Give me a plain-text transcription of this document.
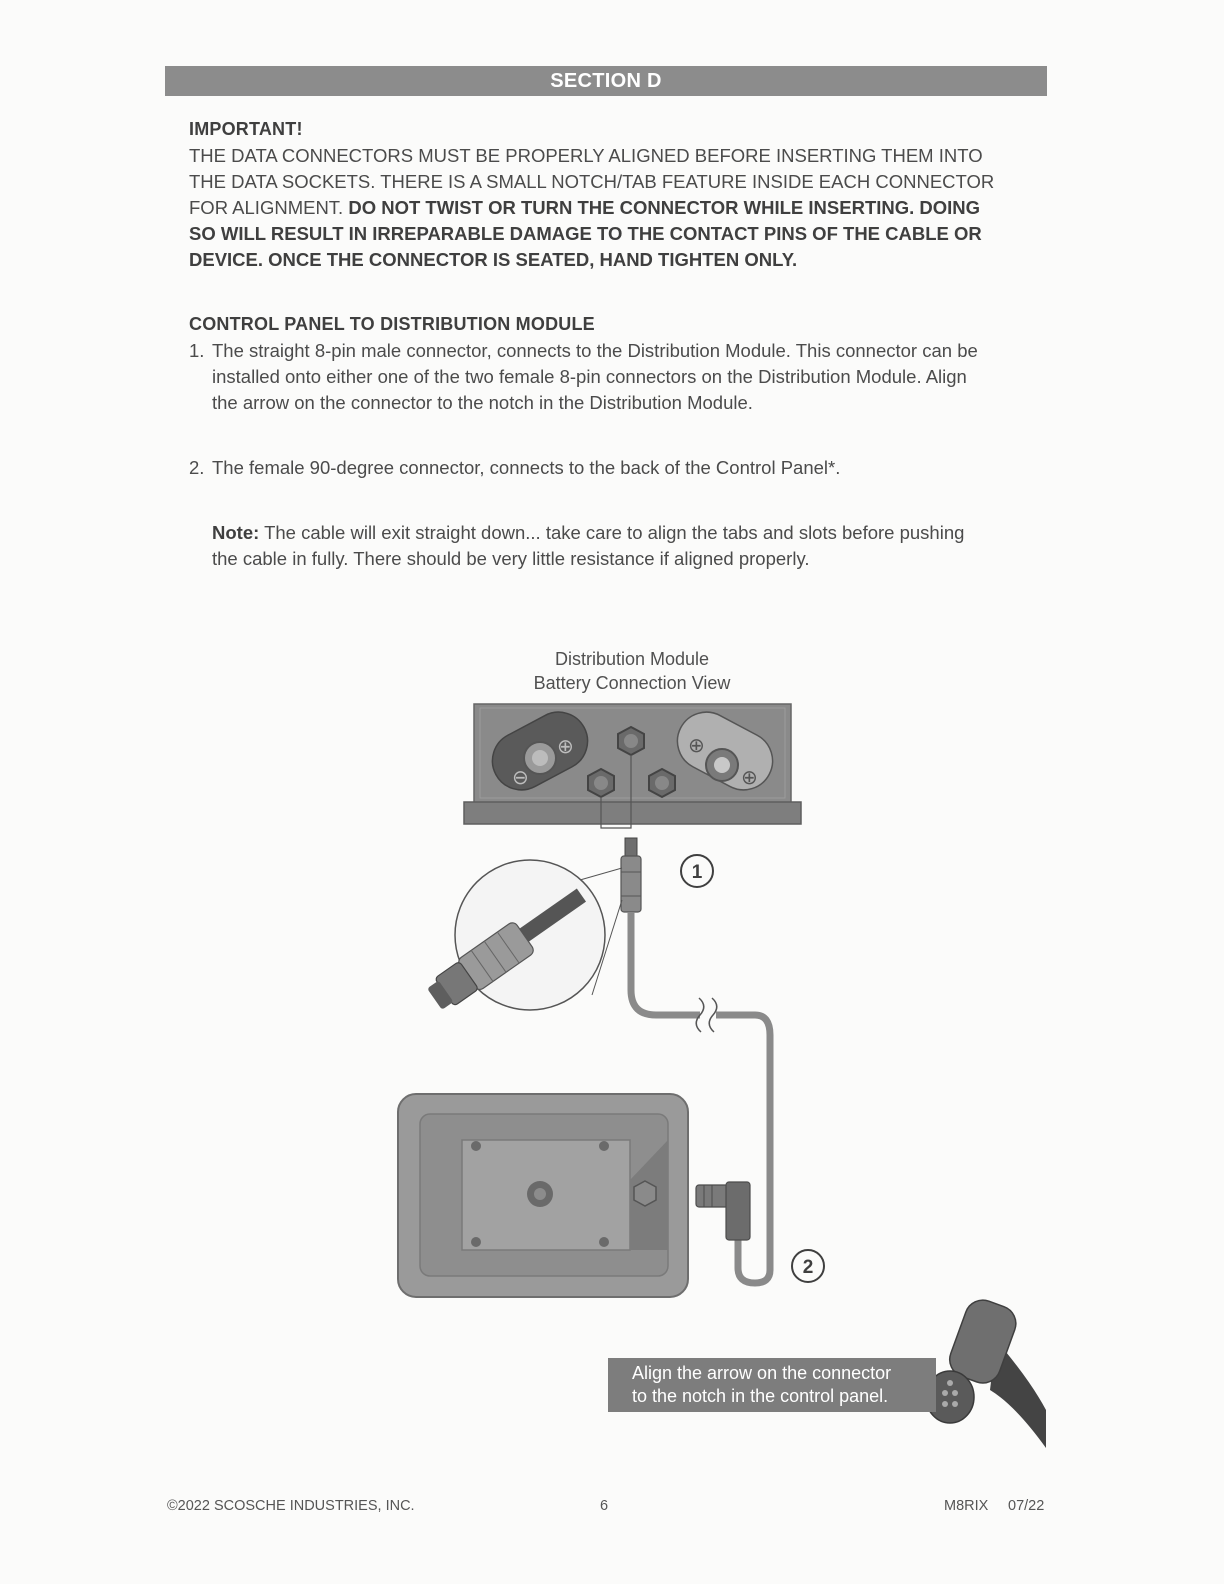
SECTION D
IMPORTANT!
THE DATA CONNECTORS MUST BE PROPERLY ALIGNED BEFORE INSERTING THEM INTO
THE DATA SOCKETS. THERE IS A SMALL NOTCH/TAB FEATURE INSIDE EACH CONNECTOR
FOR ALIGNMENT. DO NOT TWIST OR TURN THE CONNECTOR WHILE INSERTING. DOING
SO WILL RESULT IN IRREPARABLE DAMAGE TO THE CONTACT PINS OF THE CABLE OR
DEVICE. ONCE THE CONNECTOR IS SEATED, HAND TIGHTEN ONLY.
CONTROL PANEL TO DISTRIBUTION MODULE
1. The straight 8-pin male connector, connects to the Distribution Module. This connector can be
installed onto either one of the two female 8-pin connectors on the Distribution Module. Align
the arrow on the connector to the notch in the Distribution Module.
2. The female 90-degree connector, connects to the back of the Control Panel*.
Note: The cable will exit straight down... take care to align the tabs and slots before pushing
the cable in fully. There should be very little resistance if aligned properly.
Distribution Module
Battery Connection View
⊖
⊕	⊕
⊕
1
2
Align the arrow on the connector
to the notch in the control panel.
©2022 SCOSCHE INDUSTRIES, INC.	6	M8RIX 07/22
